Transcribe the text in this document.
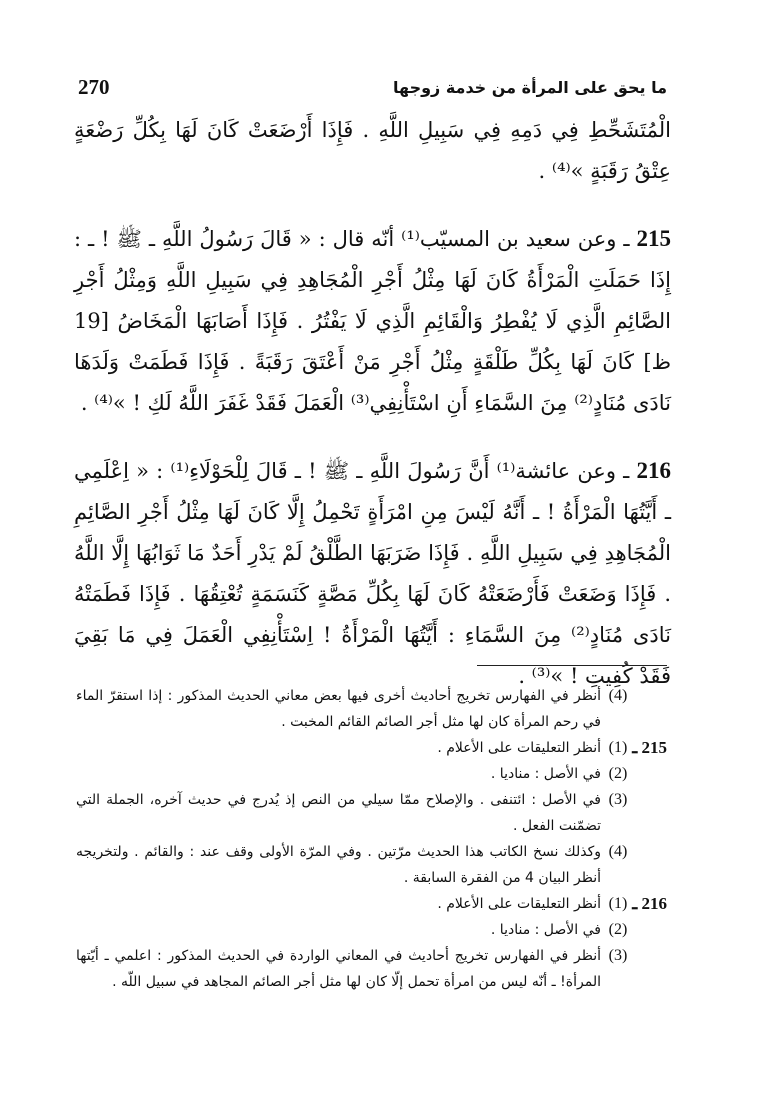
ما يحق على المرأة من خدمة زوجها
270

الْمُتَشَحِّطِ فِي دَمِهِ فِي سَبِيلِ اللَّهِ . فَإِذَا أَرْضَعَتْ كَانَ لَهَا بِكُلِّ رَضْعَةٍ عِتْقُ رَقَبَةٍ »⁽⁴⁾ .

215 ـ وعن سعيد بن المسيّب⁽¹⁾ أنّه قال : « قَالَ رَسُولُ اللَّهِ ـ ﷺ ! ـ : إِذَا حَمَلَتِ الْمَرْأَةُ كَانَ لَهَا مِثْلُ أَجْرِ الْمُجَاهِدِ فِي سَبِيلِ اللَّهِ وَمِثْلُ أَجْرِ الصَّائِمِ الَّذِي لَا يُفْطِرُ وَالْقَائِمِ الَّذِي لَا يَفْتُرُ . فَإِذَا أَصَابَهَا الْمَخَاضُ [19 ظ] كَانَ لَهَا بِكُلِّ طَلْقَةٍ مِثْلُ أَجْرِ مَنْ أَعْتَقَ رَقَبَةً . فَإِذَا فَطَمَتْ وَلَدَهَا نَادَى مُنَادٍ⁽²⁾ مِنَ السَّمَاءِ أَنِ اسْتَأْنِفِي⁽³⁾ الْعَمَلَ فَقَدْ غَفَرَ اللَّهُ لَكِ ! »⁽⁴⁾ .

216 ـ وعن عائشة⁽¹⁾ أَنَّ رَسُولَ اللَّهِ ـ ﷺ ! ـ قَالَ لِلْحَوْلَاءِ⁽¹⁾ : « اِعْلَمِي ـ أَيَّتُهَا الْمَرْأَةُ ! ـ أَنَّهُ لَيْسَ مِنِ امْرَأَةٍ تَحْمِلُ إِلَّا كَانَ لَهَا مِثْلُ أَجْرِ الصَّائِمِ الْمُجَاهِدِ فِي سَبِيلِ اللَّهِ . فَإِذَا ضَرَبَهَا الطَّلْقُ لَمْ يَدْرِ أَحَدٌ مَا ثَوَابُهَا إِلَّا اللَّهُ . فَإِذَا وَضَعَتْ فَأَرْضَعَتْهُ كَانَ لَهَا بِكُلِّ مَصَّةٍ كَنَسَمَةٍ تُعْتِقُهَا . فَإِذَا فَطَمَتْهُ نَادَى مُنَادٍ⁽²⁾ مِنَ السَّمَاءِ : أَيَّتُهَا الْمَرْأَةُ ! اِسْتَأْنِفِي الْعَمَلَ فِي مَا بَقِيَ فَقَدْ كُفِيتِ ! »⁽³⁾ .

(4)
أنظر في الفهارس تخريج أحاديث أخرى فيها بعض معاني الحديث المذكور : إذا استقرّ الماء في رحم المرأة كان لها مثل أجر الصائم القائم المخبت .
215 ـ
(1)
أنظر التعليقات على الأعلام .
(2)
في الأصل : مناديا .
(3)
في الأصل : ائتنفى . والإصلاح ممّا سيلي من النص إذ يُدرج في حديث آخره، الجملة التي تضمّنت الفعل .
(4)
وكذلك نسخ الكاتب هذا الحديث مرّتين . وفي المرّة الأولى وقف عند : والقائم . ولتخريجه أنظر البيان 4 من الفقرة السابقة .
216 ـ
(1)
أنظر التعليقات على الأعلام .
(2)
في الأصل : مناديا .
(3)
أنظر في الفهارس تخريج أحاديث في المعاني الواردة في الحديث المذكور : اعلمي ـ أيّتها المرأة! ـ أنّه ليس من امرأة تحمل إلّا كان لها مثل أجر الصائم المجاهد في سبيل اللّه .
